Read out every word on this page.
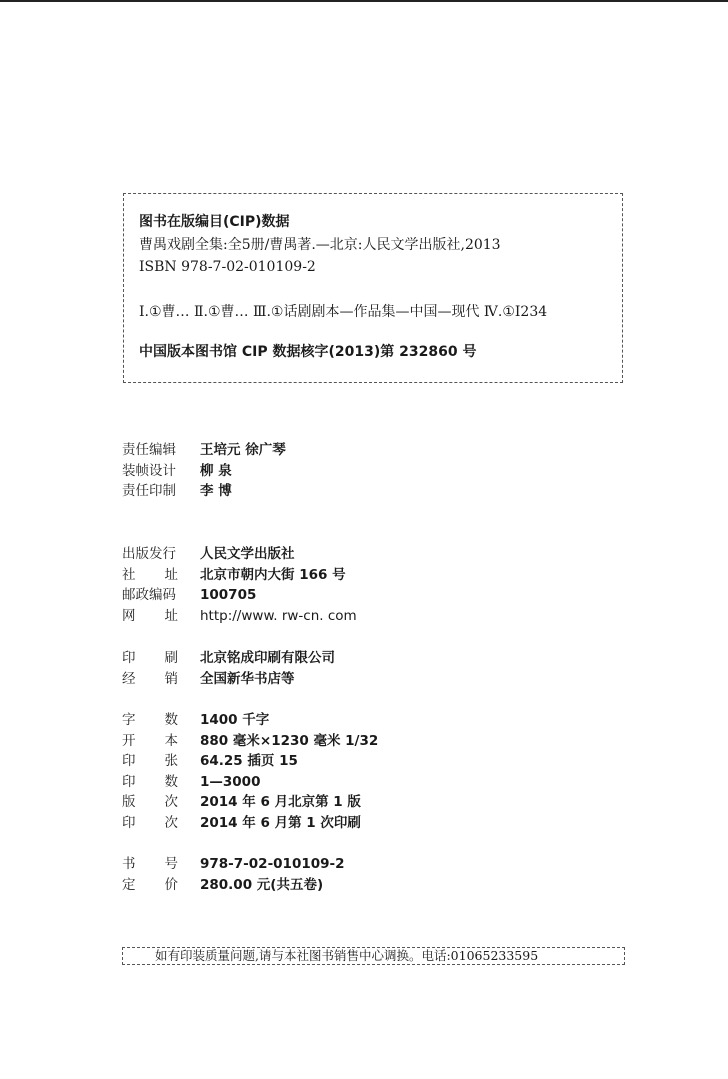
图书在版编目(CIP)数据
曹禺戏剧全集:全5册/曹禺著.—北京:人民文学出版社,2013
ISBN 978-7-02-010109-2
Ⅰ.①曹… Ⅱ.①曹… Ⅲ.①话剧剧本—作品集—中国—现代 Ⅳ.①I234
中国版本图书馆 CIP 数据核字(2013)第 232860 号
责任编辑	王培元 徐广琴
装帧设计	柳 泉
责任印制	李 博
出版发行	人民文学出版社
社 址 北京市朝内大街 166 号
邮政编码	100705
网 址 http://www. rw-cn. com
印 刷 北京铭成印刷有限公司
经 销 全国新华书店等
字 数 1400 千字
开 本 880 毫米×1230 毫米 1/32
印 张 64.25 插页 15
印 数 1—3000
版 次 2014 年 6 月北京第 1 版
印 次 2014 年 6 月第 1 次印刷
书 号 978-7-02-010109-2
定 价 280.00 元(共五卷)
如有印装质量问题,请与本社图书销售中心调换。电话:01065233595
